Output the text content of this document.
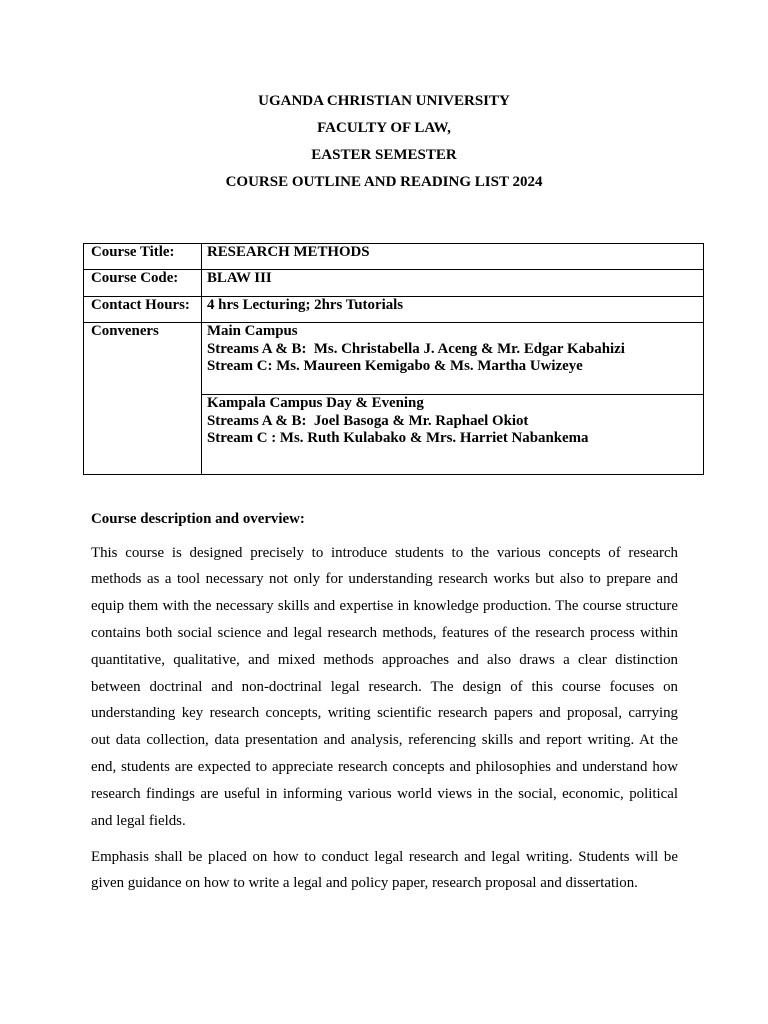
UGANDA CHRISTIAN UNIVERSITY
FACULTY OF LAW,
EASTER SEMESTER
COURSE OUTLINE AND READING LIST 2024
Course Title:	RESEARCH METHODS
Course Code:	BLAW III
Contact Hours:	4 hrs Lecturing; 2hrs Tutorials
Conveners	Main Campus
Streams A & B:  Ms. Christabella J. Aceng & Mr. Edgar Kabahizi
Stream C: Ms. Maureen Kemigabo & Ms. Martha Uwizeye
Kampala Campus Day & Evening
Streams A & B:  Joel Basoga & Mr. Raphael Okiot
Stream C : Ms. Ruth Kulabako & Mrs. Harriet Nabankema
Course description and overview:
This course is designed precisely to introduce students to the various concepts of research
methods as a tool necessary not only for understanding research works but also to prepare and
equip them with the necessary skills and expertise in knowledge production. The course structure
contains both social science and legal research methods, features of the research process within
quantitative, qualitative, and mixed methods approaches and also draws a clear distinction
between doctrinal and non-doctrinal legal research. The design of this course focuses on
understanding key research concepts, writing scientific research papers and proposal, carrying
out data collection, data presentation and analysis, referencing skills and report writing. At the
end, students are expected to appreciate research concepts and philosophies and understand how
research findings are useful in informing various world views in the social, economic, political
and legal fields.
Emphasis shall be placed on how to conduct legal research and legal writing. Students will be
given guidance on how to write a legal and policy paper, research proposal and dissertation.
